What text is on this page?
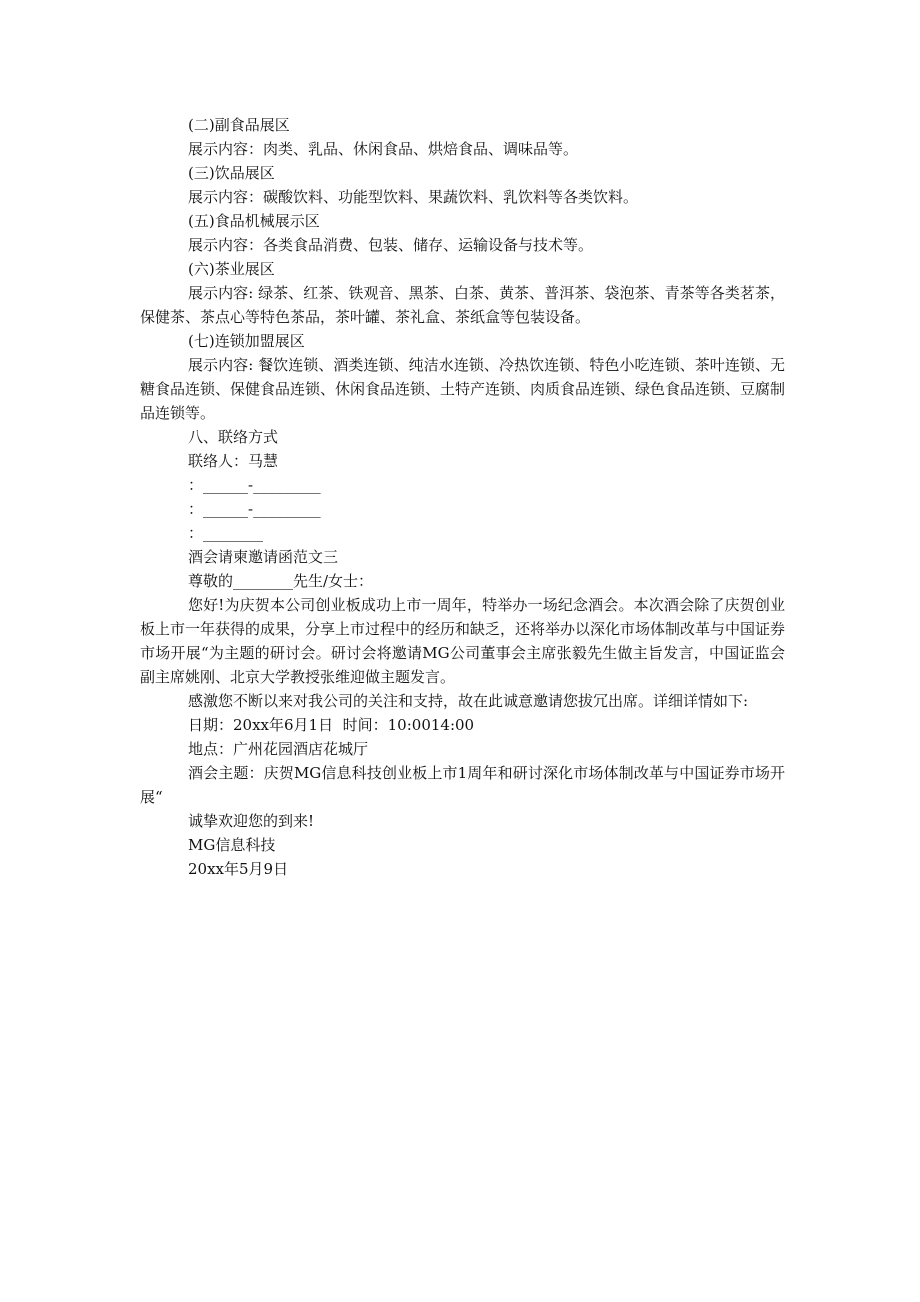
(二)副食品展区

展示内容：肉类、乳品、休闲食品、烘焙食品、调味品等。

(三)饮品展区

展示内容：碳酸饮料、功能型饮料、果蔬饮料、乳饮料等各类饮料。

(五)食品机械展示区

展示内容：各类食品消费、包装、储存、运输设备与技术等。

(六)茶业展区

展示内容: 绿茶、红茶、铁观音、黑茶、白茶、黄茶、普洱茶、袋泡茶、青茶等各类茗茶，保健茶、茶点心等特色茶品，茶叶罐、茶礼盒、茶纸盒等包装设备。

(七)连锁加盟展区

展示内容: 餐饮连锁、酒类连锁、纯洁水连锁、冷热饮连锁、特色小吃连锁、茶叶连锁、无糖食品连锁、保健食品连锁、休闲食品连锁、土特产连锁、肉质食品连锁、绿色食品连锁、豆腐制品连锁等。

八、联络方式

联络人：马慧

：______-_________

：______-_________

：________

酒会请柬邀请函范文三

尊敬的________先生/女士：

您好!为庆贺本公司创业板成功上市一周年，特举办一场纪念酒会。本次酒会除了庆贺创业板上市一年获得的成果，分享上市过程中的经历和缺乏，还将举办以深化市场体制改革与中国证券市场开展“为主题的研讨会。研讨会将邀请MG公司董事会主席张毅先生做主旨发言，中国证监会副主席姚刚、北京大学教授张维迎做主题发言。

感激您不断以来对我公司的关注和支持，故在此诚意邀请您拔冗出席。详细详情如下:

日期：20xx年6月1日  时间：10:0014:00

地点：广州花园酒店花城厅

酒会主题：庆贺MG信息科技创业板上市1周年和研讨深化市场体制改革与中国证券市场开展“

诚挚欢迎您的到来!

MG信息科技

20xx年5月9日
